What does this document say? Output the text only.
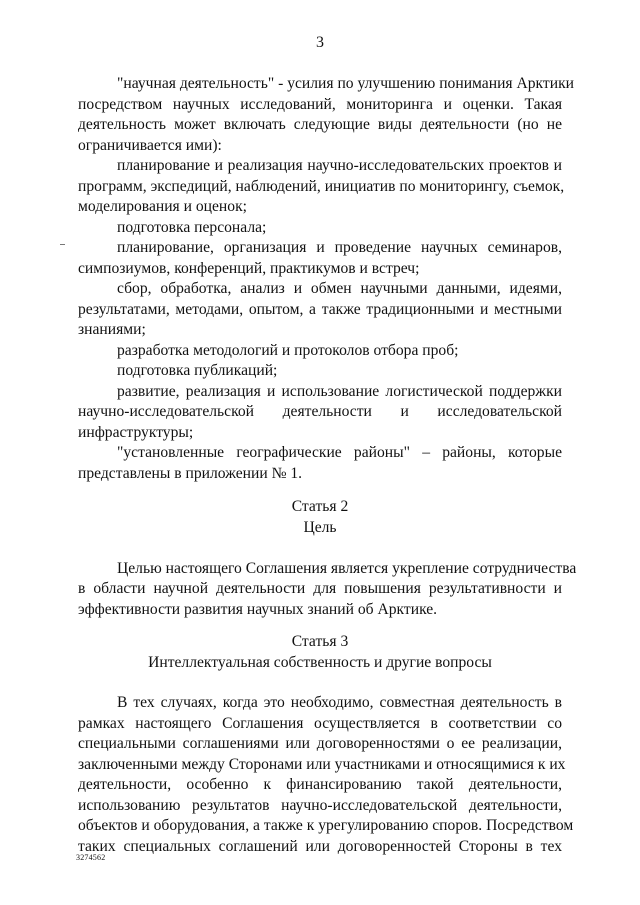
3
"научная деятельность" - усилия по улучшению понимания Арктики
посредством научных исследований, мониторинга и оценки. Такая
деятельность может включать следующие виды деятельности (но не
ограничивается ими):
планирование и реализация научно-исследовательских проектов и
программ, экспедиций, наблюдений, инициатив по мониторингу, съемок,
моделирования и оценок;
подготовка персонала;
планирование, организация и проведение научных семинаров,
симпозиумов, конференций, практикумов и встреч;
сбор, обработка, анализ и обмен научными данными, идеями,
результатами, методами, опытом, а также традиционными и местными
знаниями;
разработка методологий и протоколов отбора проб;
подготовка публикаций;
развитие, реализация и использование логистической поддержки
научно-исследовательской деятельности и исследовательской
инфраструктуры;
"установленные географические районы" – районы, которые
представлены в приложении № 1.
Статья 2
Цель
Целью настоящего Соглашения является укрепление сотрудничества
в области научной деятельности для повышения результативности и
эффективности развития научных знаний об Арктике.
Статья 3
Интеллектуальная собственность и другие вопросы
В тех случаях, когда это необходимо, совместная деятельность в
рамках настоящего Соглашения осуществляется в соответствии со
специальными соглашениями или договоренностями о ее реализации,
заключенными между Сторонами или участниками и относящимися к их
деятельности, особенно к финансированию такой деятельности,
использованию результатов научно-исследовательской деятельности,
объектов и оборудования, а также к урегулированию споров. Посредством
таких специальных соглашений или договоренностей Стороны в тех
3274562
